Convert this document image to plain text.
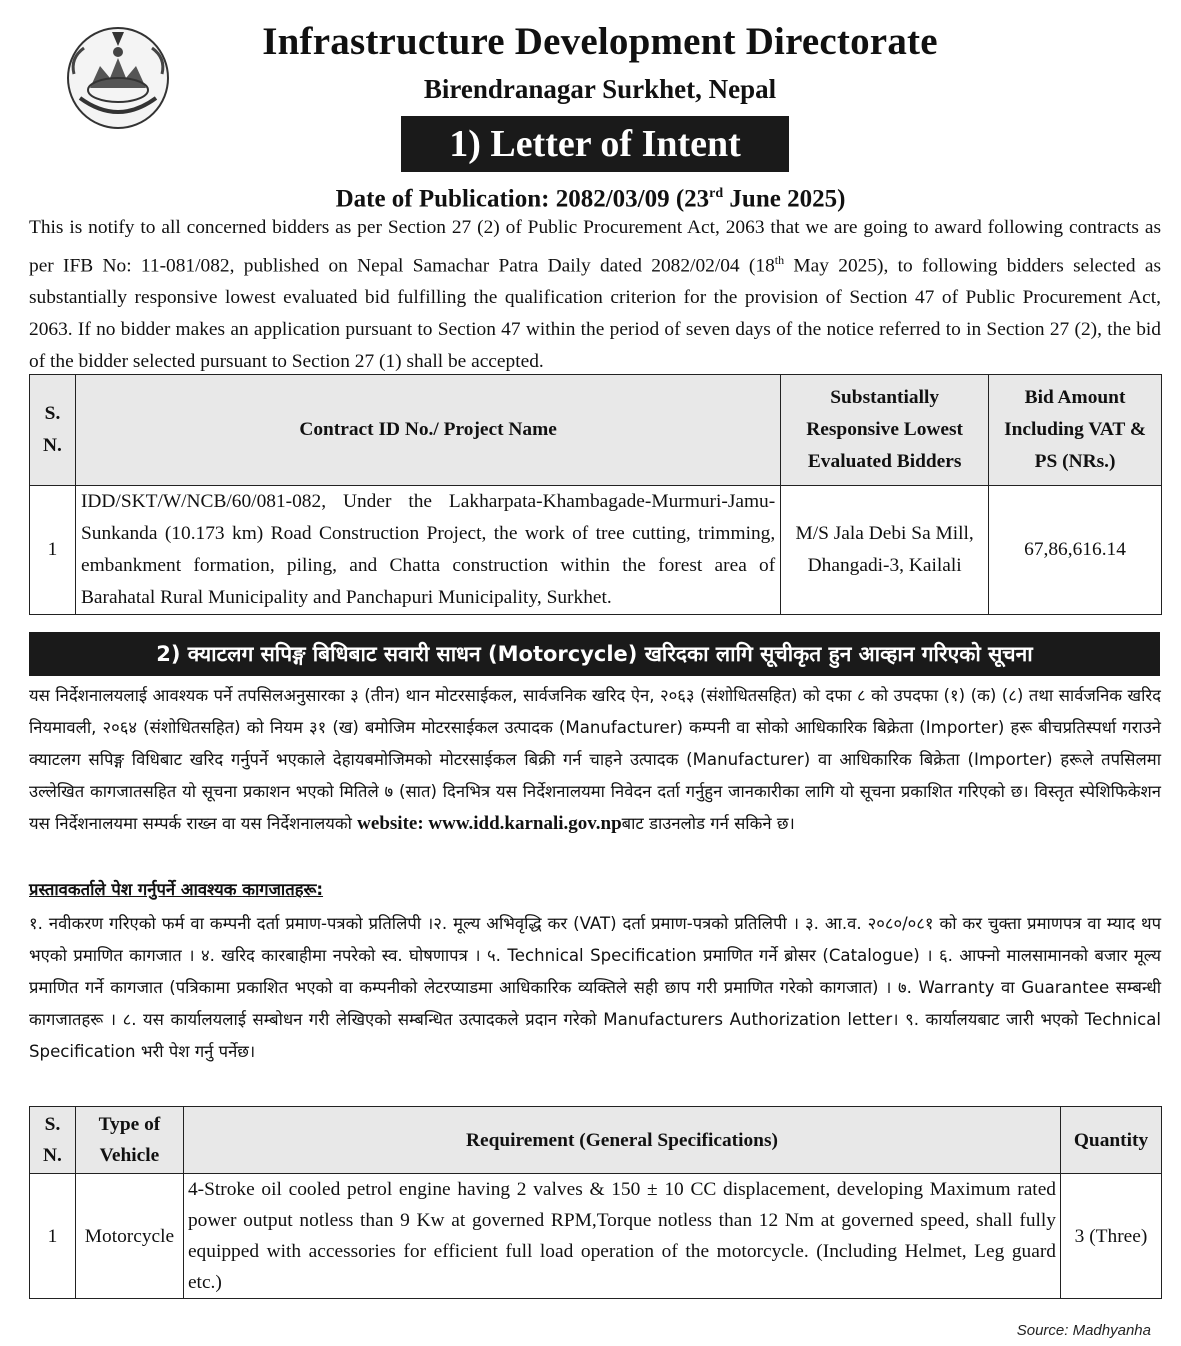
Infrastructure Development Directorate
Birendranagar Surkhet, Nepal
1) Letter of Intent
Date of Publication: 2082/03/09 (23rd June 2025)

This is notify to all concerned bidders as per Section 27 (2) of Public Procurement Act, 2063 that we are going to award following contracts as per IFB No: 11-081/082, published on Nepal Samachar Patra Daily dated 2082/02/04 (18th May 2025), to following bidders selected as substantially responsive lowest evaluated bid fulfilling the qualification criterion for the provision of Section 47 of Public Procurement Act, 2063. If no bidder makes an application pursuant to Section 47 within the period of seven days of the notice referred to in Section 27 (2), the bid of the bidder selected pursuant to Section 27 (1) shall be accepted.

S. N.	Contract ID No./ Project Name	Substantially Responsive Lowest Evaluated Bidders	Bid Amount Including VAT & PS (NRs.)
1	IDD/SKT/W/NCB/60/081-082, Under the Lakharpata-Khambagade-Murmuri-Jamu-Sunkanda (10.173 km) Road Construction Project, the work of tree cutting, trimming, embankment formation, piling, and Chatta construction within the forest area of Barahatal Rural Municipality and Panchapuri Municipality, Surkhet.	M/S Jala Debi Sa Mill, Dhangadi-3, Kailali	67,86,616.14
2) क्याटलग सपिङ्ग बिधिबाट सवारी साधन (Motorcycle) खरिदका लागि सूचीकृत हुन आव्हान गरिएको सूचना

यस निर्देशनालयलाई आवश्यक पर्ने तपसिलअनुसारका ३ (तीन) थान मोटरसाईकल, सार्वजनिक खरिद ऐन, २०६३ (संशोधितसहित) को दफा ८ को उपदफा (१) (क) (८) तथा सार्वजनिक खरिद नियमावली, २०६४ (संशोधितसहित) को नियम ३१ (ख) बमोजिम मोटरसाईकल उत्पादक (Manufacturer) कम्पनी वा सोको आधिकारिक बिक्रेता (Importer) हरू बीचप्रतिस्पर्धा गराउने क्याटलग सपिङ्ग विधिबाट खरिद गर्नुपर्ने भएकाले देहायबमोजिमको मोटरसाईकल बिक्री गर्न चाहने उत्पादक (Manufacturer) वा आधिकारिक बिक्रेता (Importer) हरूले तपसिलमा उल्लेखित कागजातसहित यो सूचना प्रकाशन भएको मितिले ७ (सात) दिनभित्र यस निर्देशनालयमा निवेदन दर्ता गर्नुहुन जानकारीका लागि यो सूचना प्रकाशित गरिएको छ। विस्तृत स्पेशिफिकेशन यस निर्देशनालयमा सम्पर्क राख्न वा यस निर्देशनालयको website: www.idd.karnali.gov.npबाट डाउनलोड गर्न सकिने छ।

प्रस्तावकर्ताले पेश गर्नुपर्ने आवश्यक कागजातहरू:

१. नवीकरण गरिएको फर्म वा कम्पनी दर्ता प्रमाण-पत्रको प्रतिलिपी ।२. मूल्य अभिवृद्धि कर (VAT) दर्ता प्रमाण-पत्रको प्रतिलिपी । ३. आ.व. २०८०/०८१ को कर चुक्ता प्रमाणपत्र वा म्याद थप भएको प्रमाणित कागजात । ४. खरिद कारबाहीमा नपरेको स्व. घोषणापत्र । ५. Technical Specification प्रमाणित गर्ने ब्रोसर (Catalogue) । ६. आफ्नो मालसामानको बजार मूल्य प्रमाणित गर्ने कागजात (पत्रिकामा प्रकाशित भएको वा कम्पनीको लेटरप्याडमा आधिकारिक व्यक्तिले सही छाप गरी प्रमाणित गरेको कागजात) । ७. Warranty वा Guarantee सम्बन्धी कागजातहरू । ८. यस कार्यालयलाई सम्बोधन गरी लेखिएको सम्बन्धित उत्पादकले प्रदान गरेको Manufacturers Authorization letter। ९. कार्यालयबाट जारी भएको Technical Specification भरी पेश गर्नु पर्नेछ।

S. N.	Type of Vehicle	Requirement (General Specifications)	Quantity
1	Motorcycle	4-Stroke oil cooled petrol engine having 2 valves & 150 ± 10 CC displacement, developing Maximum rated power output notless than 9 Kw at governed RPM,Torque notless than 12 Nm at governed speed, shall fully equipped with accessories for efficient full load operation of the motorcycle. (Including Helmet, Leg guard etc.)	3 (Three)
Source: Madhyanha
